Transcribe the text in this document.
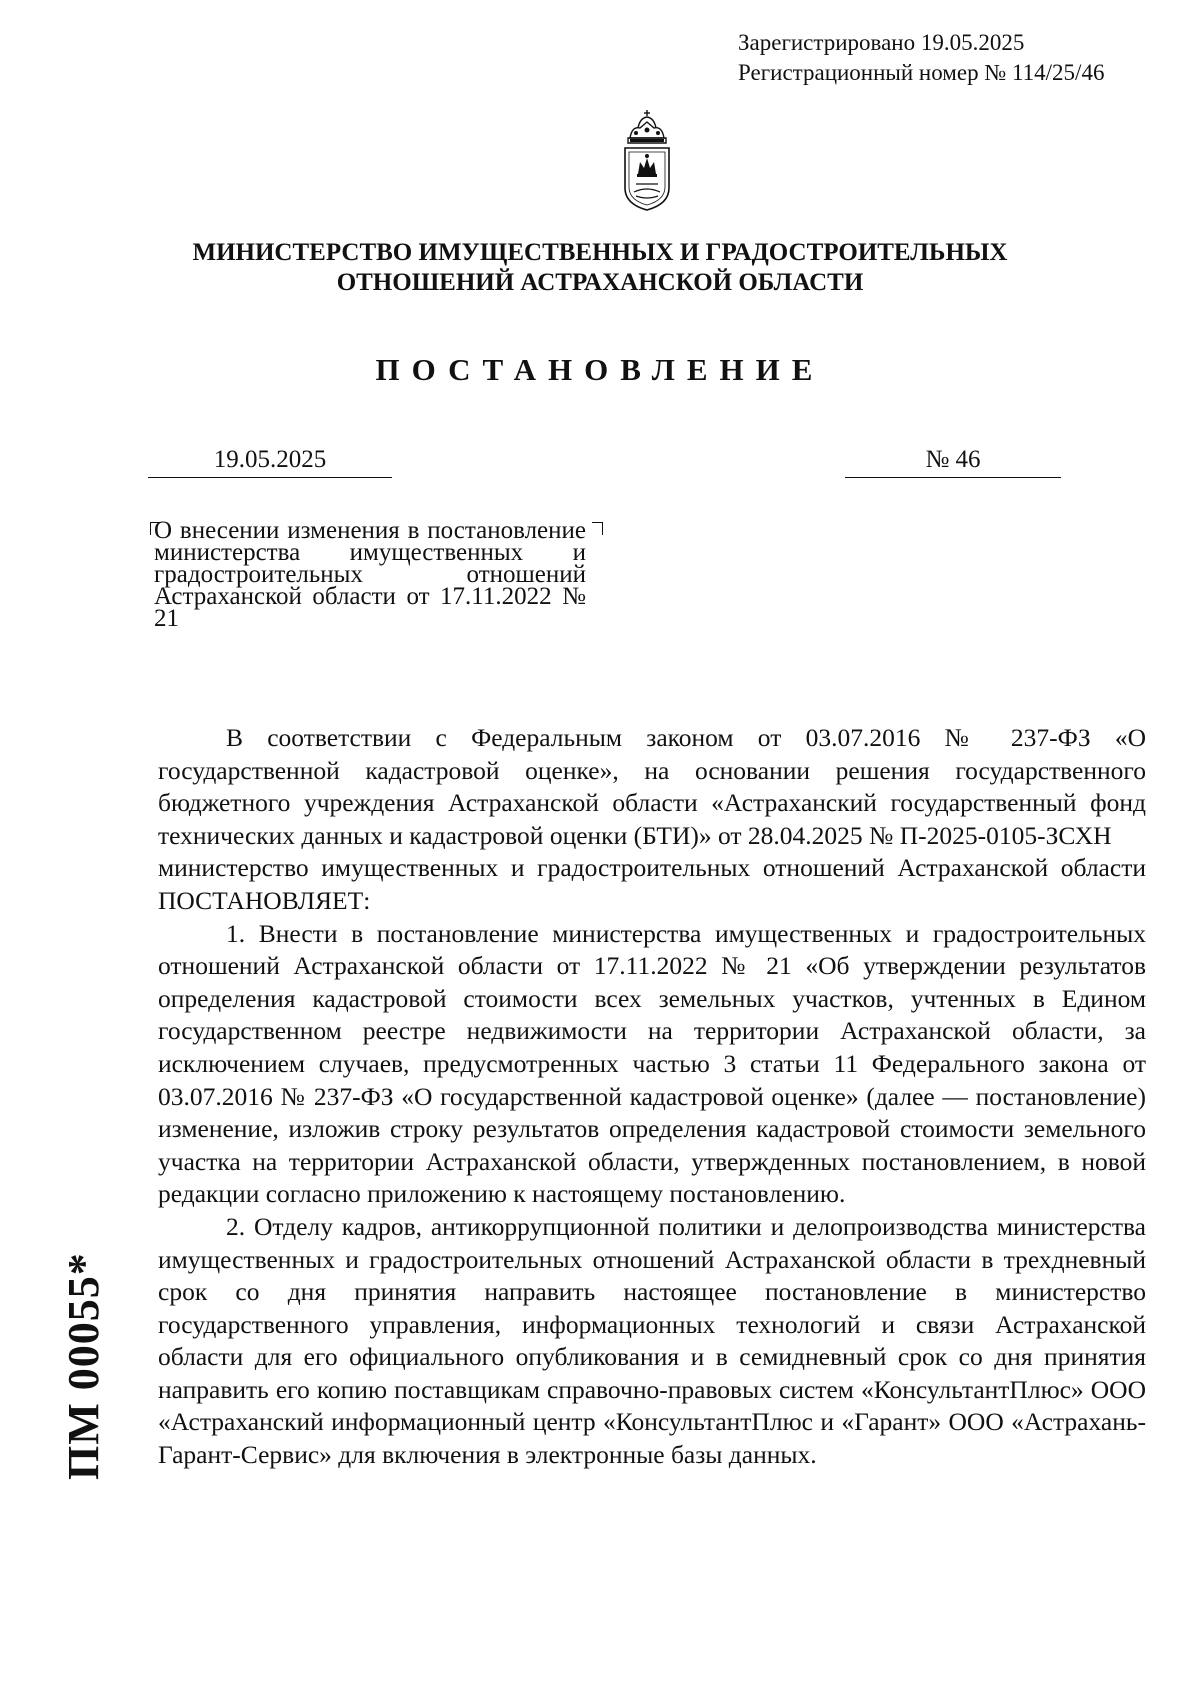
Зарегистрировано 19.05.2025
Регистрационный номер № 114/25/46
МИНИСТЕРСТВО ИМУЩЕСТВЕННЫХ И ГРАДОСТРОИТЕЛЬНЫХ
ОТНОШЕНИЙ АСТРАХАНСКОЙ ОБЛАСТИ
ПОСТАНОВЛЕНИЕ
19.05.2025	№ 46
О внесении изменения в постановление министерства имущественных и градостроительных отношений Астраханской области от 17.11.2022 № 21

В соответствии с Федеральным законом от 03.07.2016 № 237-ФЗ «О государственной кадастровой оценке», на основании решения государственного бюджетного учреждения Астраханской области «Астраханский государственный фонд технических данных и кадастровой оценки (БТИ)» от 28.04.2025 № П-2025-0105-ЗСХН

министерство имущественных и градостроительных отношений Астраханской области ПОСТАНОВЛЯЕТ:

1. Внести в постановление министерства имущественных и градостроительных отношений Астраханской области от 17.11.2022 № 21 «Об утверждении результатов определения кадастровой стоимости всех земельных участков, учтенных в Едином государственном реестре недвижимости на территории Астраханской области, за исключением случаев, предусмотренных частью 3 статьи 11 Федерального закона от 03.07.2016 № 237-ФЗ «О государственной кадастровой оценке» (далее — постановление) изменение, изложив строку результатов определения кадастровой стоимости земельного участка на территории Астраханской области, утвержденных постановлением, в новой редакции согласно приложению к настоящему постановлению.

2. Отделу кадров, антикоррупционной политики и делопроизводства министерства имущественных и градостроительных отношений Астраханской области в трехдневный срок со дня принятия направить настоящее постановление в министерство государственного управления, информационных технологий и связи Астраханской области для его официального опубликования и в семидневный срок со дня принятия направить его копию поставщикам справочно-правовых систем «КонсультантПлюс» ООО «Астраханский информационный центр «КонсультантПлюс и «Гарант» ООО «Астрахань-Гарант-Сервис» для включения в электронные базы данных.

ПМ 00055*
